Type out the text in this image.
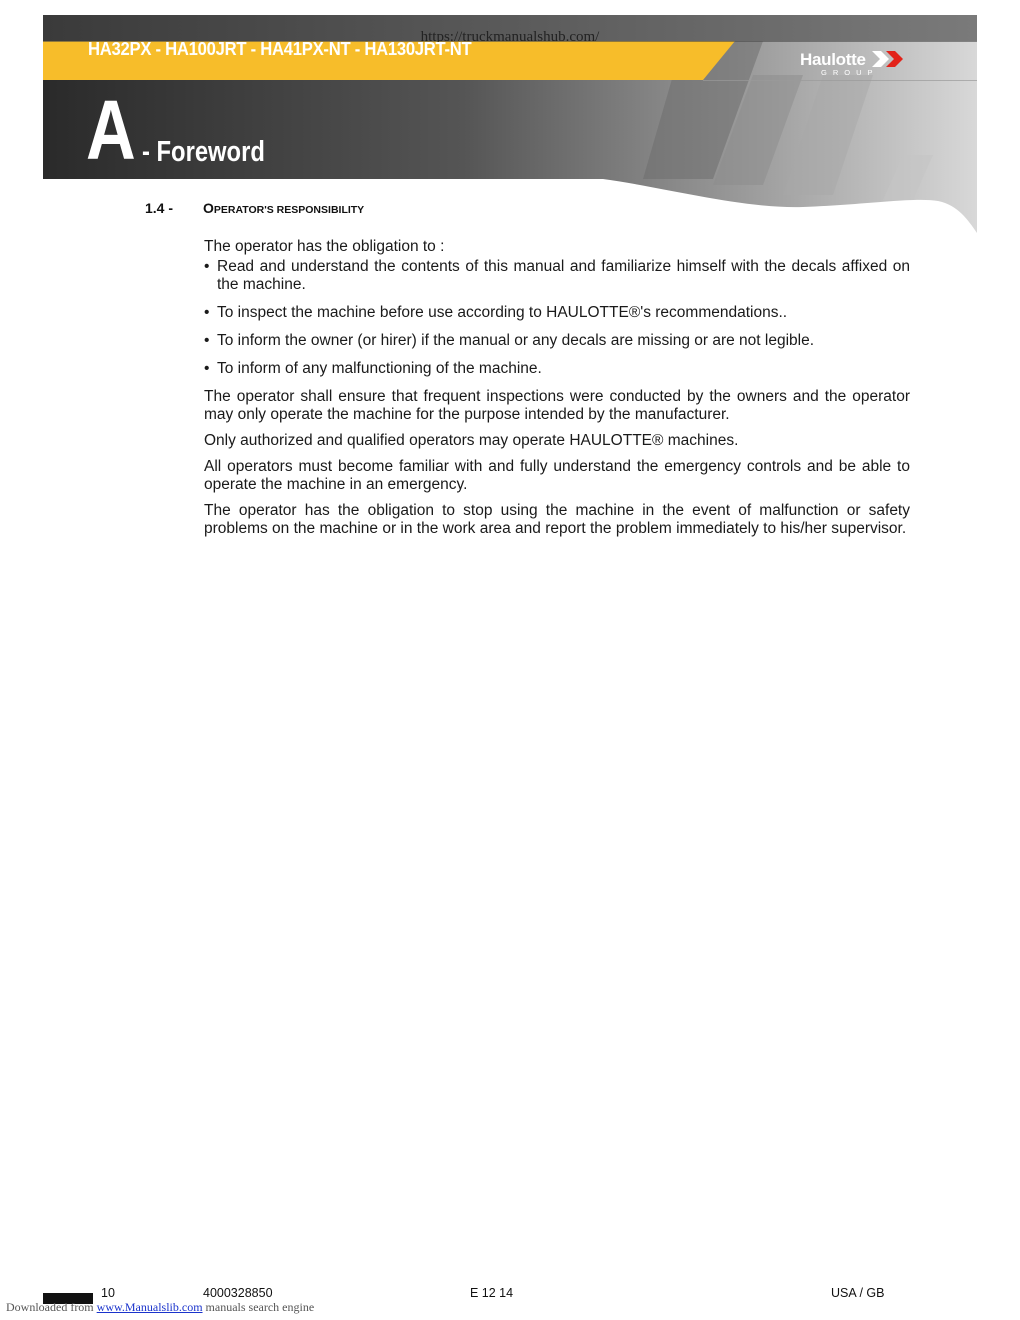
https://truckmanualshub.com/
HA32PX - HA100JRT - HA41PX-NT - HA130JRT-NT
Haulotte
GROUP
A - Foreword
1.4 - OPERATOR'S RESPONSIBILITY

The operator has the obligation to :

• Read and understand the contents of this manual and familiarize himself with the decals affixed on the machine.
• To inspect the machine before use according to HAULOTTE®'s recommendations..
• To inform the owner (or hirer) if the manual or any decals are missing or are not legible.
• To inform of any malfunctioning of the machine.

The operator shall ensure that frequent inspections were conducted by the owners and the operator may only operate the machine for the purpose intended by the manufacturer.

Only authorized and qualified operators may operate HAULOTTE® machines.

All operators must become familiar with and fully understand the emergency controls and be able to operate the machine in an emergency.

The operator has the obligation to stop using the machine in the event of malfunction or safety problems on the machine or in the work area and report the problem immediately to his/her supervisor.

10	4000328850	E 12 14	USA / GB
Downloaded from www.Manualslib.com manuals search engine
